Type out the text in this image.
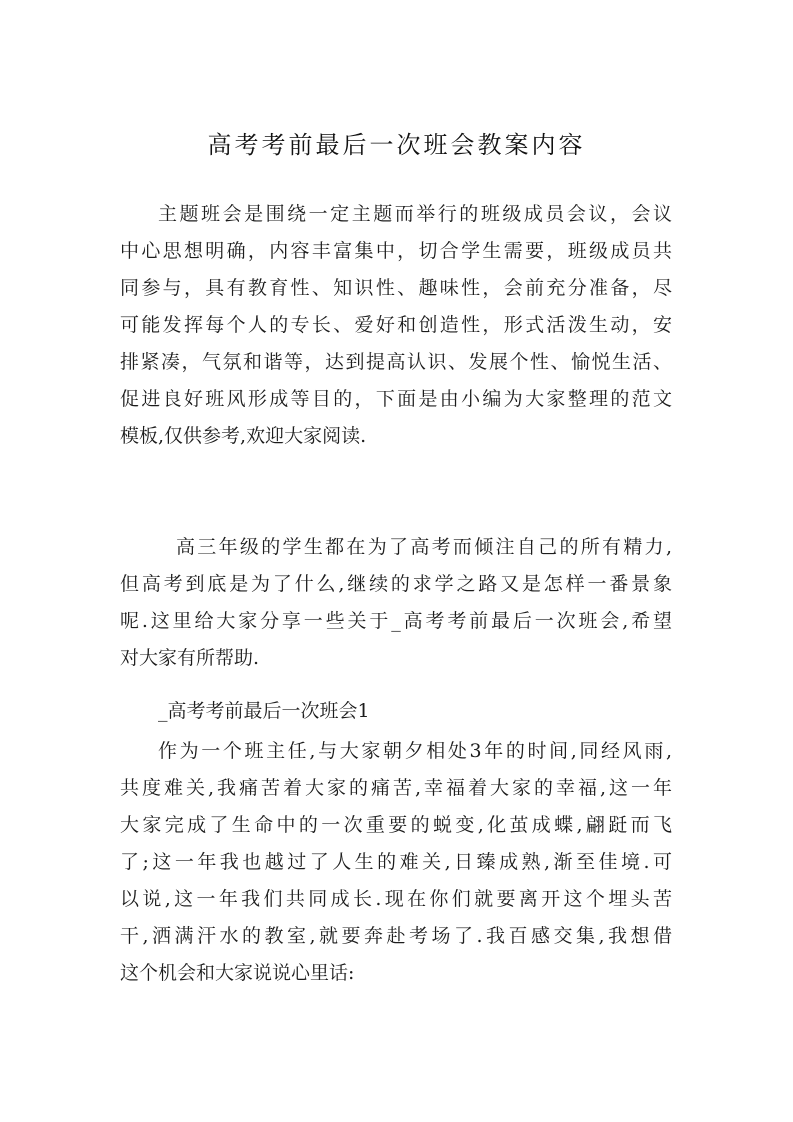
高考考前最后一次班会教案内容

主题班会是围绕一定主题而举行的班级成员会议，会议

中心思想明确，内容丰富集中，切合学生需要，班级成员共

同参与，具有教育性、知识性、趣味性，会前充分准备，尽

可能发挥每个人的专长、爱好和创造性，形式活泼生动，安

排紧凑，气氛和谐等，达到提高认识、发展个性、愉悦生活、

促进良好班风形成等目的，下面是由小编为大家整理的范文

模板,仅供参考,欢迎大家阅读.

高三年级的学生都在为了高考而倾注自己的所有精力,

但高考到底是为了什么,继续的求学之路又是怎样一番景象

呢.这里给大家分享一些关于_高考考前最后一次班会,希望

对大家有所帮助.

_高考考前最后一次班会1

作为一个班主任,与大家朝夕相处3年的时间,同经风雨,

共度难关,我痛苦着大家的痛苦,幸福着大家的幸福,这一年

大家完成了生命中的一次重要的蜕变,化茧成蝶,翩跹而飞

了;这一年我也越过了人生的难关,日臻成熟,渐至佳境.可

以说,这一年我们共同成长.现在你们就要离开这个埋头苦

干,洒满汗水的教室,就要奔赴考场了.我百感交集,我想借

这个机会和大家说说心里话:
